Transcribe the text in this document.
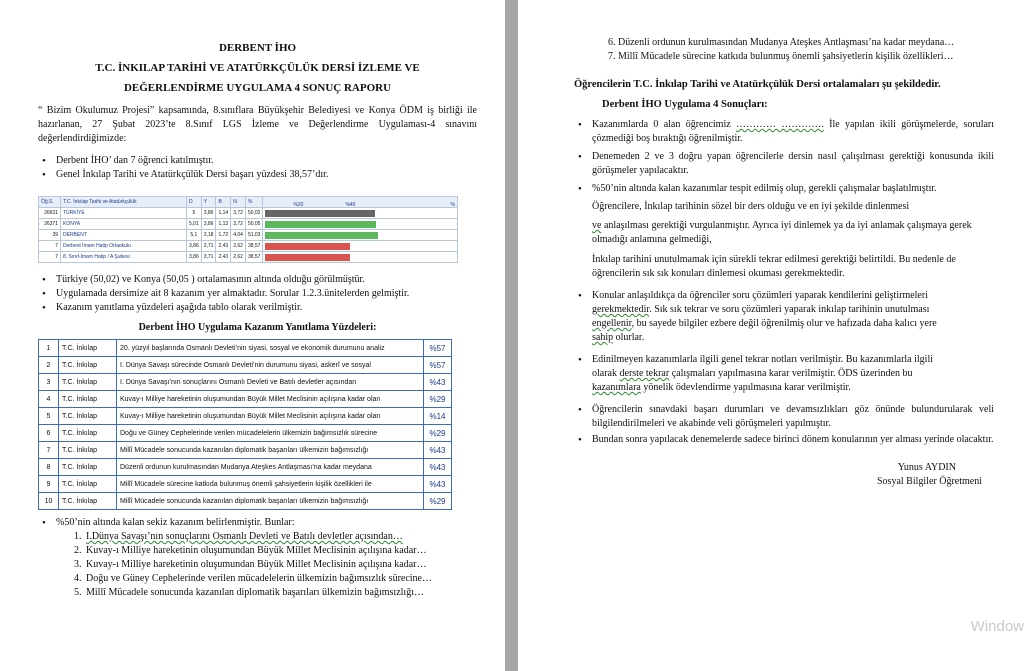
DERBENT İHO
T.C. İNKILAP TARİHİ VE ATATÜRKÇÜLÜK DERSİ İZLEME VE
DEĞERLENDİRME UYGULAMA 4 SONUÇ RAPORU

“ Bizim Okulumuz Projesi” kapsamında, 8.sınıflara Büyükşehir Belediyesi ve Konya ÖDM iş birliği ile hazırlanan, 27 Şubat 2023’te 8.Sınıf LGS İzleme ve Değerlendirme Uygulaması-4 sınavını değerlendirdiğimizde:

• Derbent İHO’ dan 7 öğrenci katılmıştır.
• Genel İnkılap Tarihi ve Atatürkçülük Dersi başarı yüzdesi 38,57’dır.
Öğ.S.	T.C. İnkılap Tarihi ve Atatürkçülük	D	Y	B	N	%	%20 %40 %

26631	TÜRKİYE	5	3,86	1,14	3,72	50,02	

26371	KONYA	5,01	3,86	1,13	3,72	50,05	

39	DERBENT	5,1	3,18	1,72	4,04	51,03	

7	Derbent İmam Hatip Ortaokulu	3,86	3,71	2,43	2,62	38,57	

7	8. Sınıf-İmam Hatip / A Şubesi	3,86	3,71	2,43	2,62	38,57	
• Türkiye (50,02) ve Konya (50,05 ) ortalamasının altında olduğu görülmüştür.
• Uygulamada dersimize ait 8 kazanım yer almaktadır. Sorular 1.2.3.ünitelerden gelmiştir.
• Kazanım yanıtlama yüzdeleri aşağıda tablo olarak verilmiştir.

Derbent İHO Uygulama Kazanım Yanıtlama Yüzdeleri:

1	T.C. İnkılap	20. yüzyıl başlarında Osmanlı Devleti’nin siyasi, sosyal ve ekonomik durumunu analiz	%57
2	T.C. İnkılap	I. Dünya Savaşı sürecinde Osmanlı Devleti’nin durumunu siyasi, askerî ve sosyal	%57
3	T.C. İnkılap	I. Dünya Savaşı’nın sonuçlarını Osmanlı Devleti ve Batılı devletler açısından	%43
4	T.C. İnkılap	Kuvay-ı Milliye hareketinin oluşumundan Büyük Millet Meclisinin açılışına kadar olan	%29
5	T.C. İnkılap	Kuvay-ı Milliye hareketinin oluşumundan Büyük Millet Meclisinin açılışına kadar olan	%14
6	T.C. İnkılap	Doğu ve Güney Cephelerinde verilen mücadelelerin ülkemizin bağımsızlık sürecine	%29
7	T.C. İnkılap	Millî Mücadele sonucunda kazanılan diplomatik başarıları ülkemizin bağımsızlığı	%43
8	T.C. İnkılap	Düzenli ordunun kurulmasından Mudanya Ateşkes Antlaşması’na kadar meydana	%43
9	T.C. İnkılap	Millî Mücadele sürecine katkıda bulunmuş önemli şahsiyetlerin kişilik özellikleri ile	%43
10	T.C. İnkılap	Millî Mücadele sonucunda kazanılan diplomatik başarıları ülkemizin bağımsızlığı	%29
• %50’nin altında kalan sekiz kazanım belirlenmiştir. Bunlar:
1. I.Dünya Savaşı’nın sonuçlarını Osmanlı Devleti ve Batılı devletler açısından…
2. Kuvay-ı Milliye hareketinin oluşumundan Büyük Millet Meclisinin açılışına kadar…
3. Kuvay-ı Milliye hareketinin oluşumundan Büyük Millet Meclisinin açılışına kadar…
4. Doğu ve Güney Cephelerinde verilen mücadelelerin ülkemizin bağımsızlık sürecine…
5. Millî Mücadele sonucunda kazanılan diplomatik başarıları ülkemizin bağımsızlığı…
6. Düzenli ordunun kurulmasından Mudanya Ateşkes Antlaşması’na kadar meydana…
7. Millî Mücadele sürecine katkıda bulunmuş önemli şahsiyetlerin kişilik özellikleri…

Öğrencilerin T.C. İnkılap Tarihi ve Atatürkçülük Dersi ortalamaları şu şekildedir.

Derbent İHO Uygulama 4 Sonuçları:

• Kazanımlarda 0 alan öğrencimiz ………… …………. İle yapılan ikili görüşmelerde, soruları çözmediği boş bıraktığı öğrenilmiştir.
• Denemeden 2 ve 3 doğru yapan öğrencilerle dersin nasıl çalışılması gerektiği konusunda ikili görüşmeler yapılacaktır.
• %50’nin altında kalan kazanımlar tespit edilmiş olup, gerekli çalışmalar başlatılmıştır.

Öğrencilere, İnkılap tarihinin sözel bir ders olduğu ve en iyi şekilde dinlenmesi

ve anlaşılması gerektiği vurgulanmıştır. Ayrıca iyi dinlemek ya da iyi anlamak çalışmaya gerek olmadığı anlamına gelmediği,

İnkılap tarihini unutulmamak için sürekli tekrar edilmesi gerektiği belirtildi. Bu nedenle de öğrencilerin sık sık konuları dinlemesi okuması gerekmektedir.

• Konular anlaşıldıkça da öğrenciler soru çözümleri yaparak kendilerini geliştirmeleri
gerekmektedir. Sık sık tekrar ve soru çözümleri yaparak inkılap tarihinin unutulması
engellenir, bu sayede bilgiler ezbere değil öğrenilmiş olur ve hafızada daha kalıcı yere
sahip olurlar.
• Edinilmeyen kazanımlarla ilgili genel tekrar notları verilmiştir. Bu kazanımlarla ilgili
olarak derste tekrar çalışmaları yapılmasına karar verilmiştir. ÖDS üzerinden bu
kazanımlara yönelik ödevlendirme yapılmasına karar verilmiştir.
• Öğrencilerin sınavdaki başarı durumları ve devamsızlıkları göz önünde bulundurularak veli bilgilendirilmeleri ve akabinde veli görüşmeleri yapılmıştır.
• Bundan sonra yapılacak denemelerde sadece birinci dönem konularının yer alması yerinde olacaktır.
Yunus AYDIN
Sosyal Bilgiler Öğretmeni
Window
